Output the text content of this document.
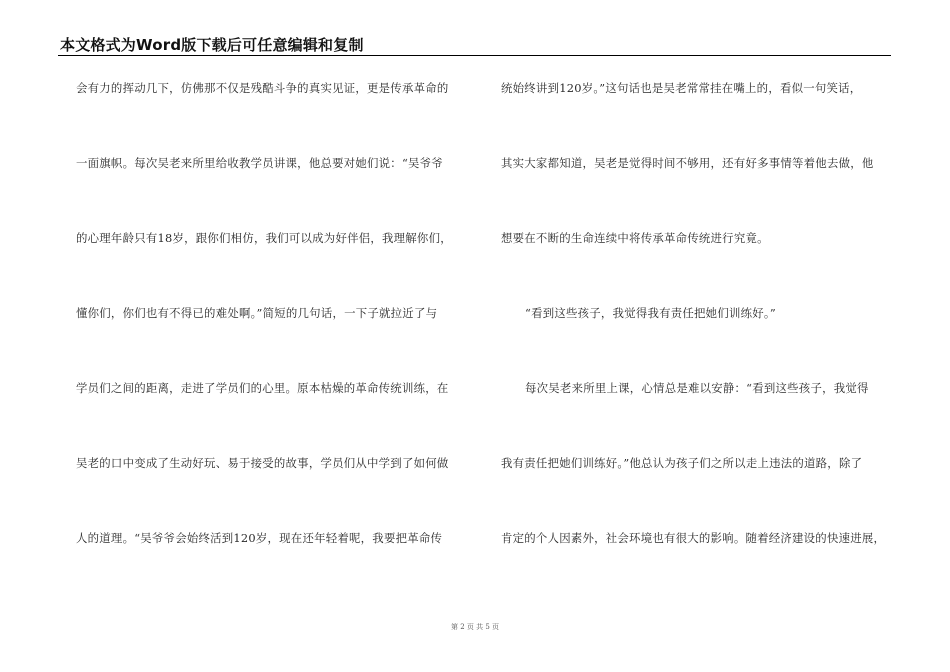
本文格式为Word版下载后可任意编辑和复制
会有力的挥动几下，仿佛那不仅是残酷斗争的真实见证，更是传承革命的
一面旗帜。每次吴老来所里给收教学员讲课，他总要对她们说：“吴爷爷
的心理年龄只有18岁，跟你们相仿，我们可以成为好伴侣，我理解你们，
懂你们，你们也有不得已的难处啊。”简短的几句话，一下子就拉近了与
学员们之间的距离，走进了学员们的心里。原本枯燥的革命传统训练，在
吴老的口中变成了生动好玩、易于接受的故事，学员们从中学到了如何做
人的道理。“吴爷爷会始终活到120岁，现在还年轻着呢，我要把革命传
统始终讲到120岁。”这句话也是吴老常常挂在嘴上的，看似一句笑话，
其实大家都知道，吴老是觉得时间不够用，还有好多事情等着他去做，他
想要在不断的生命连续中将传承革命传统进行究竟。
“看到这些孩子，我觉得我有责任把她们训练好。”
每次吴老来所里上课，心情总是难以安静：“看到这些孩子，我觉得
我有责任把她们训练好。”他总认为孩子们之所以走上违法的道路，除了
肯定的个人因素外，社会环境也有很大的影响。随着经济建设的快速进展，
第 2 页 共 5 页
